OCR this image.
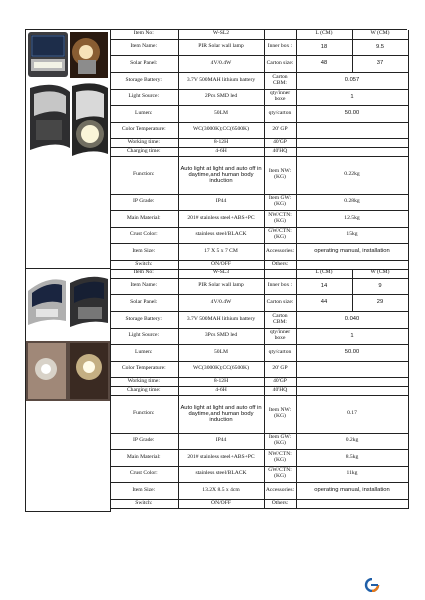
Item No:	W-SL2		L (CM)	W (CM)
Item Name:	PIR Solar wall lamp	Inner box :	18	9.5
Solar Panel:	4V/0.4W	Carton size:	48	37
Storage Battery:	3.7V 500MAH lithium battery	Carton CBM:	0.057	
Light Source:	2Pcs SMD led	qty/inner boxe	1	
Lumen:	50LM	qty/carton	50.00	
Color Temperature:	WC(3000K);CC(6500K)	20' GP		
Working time:	8-12H	40'GP		
Charging time:	4-6H	40'HQ		
Function:	Auto light at light and auto off in daytime,and human body induction	Item NW:(KG)	0.22kg	
IP Grade:	IP44	Item GW:(KG)	0.28kg	
Main Material:	201# stainless steel+ABS+PC	NW/CTN:(KG)	12.5kg	
Crust Color:	stainless steel/BLACK	GW/CTN:(KG)	15kg	
Item Size:	17 X 5 x 7 CM	Accessories:	operating manual, installation	
Switch:	ON/OFF	Others:		
Item No:	W-SL3		L (CM)	W (CM)
Item Name:	PIR Solar wall lamp	Inner box :	14	9
Solar Panel:	4V/0.4W	Carton size:	44	29
Storage Battery:	3.7V 500MAH lithium battery	Carton CBM:	0.040	
Light Source:	3Pcs SMD led	qty/inner boxe	1	
Lumen:	50LM	qty/carton	50.00	
Color Temperature:	WC(3000K);CC(6500K)	20' GP		
Working time:	8-12H	40'GP		
Charging time:	4-6H	40'HQ		
Function:	Auto light at light and auto off in daytime,and human body induction	Item NW:(KG)	0.17	
IP Grade:	IP44	Item GW:(KG)	0.2kg	
Main Material:	201# stainless steel+ABS+PC	NW/CTN:(KG)	8.5kg	
Crust Color:	stainless steel/BLACK	GW/CTN:(KG)	11kg	
Item Size:	13.2X 8.5 x 4cm	Accessories:	operating manual, installation	
Switch:	ON/OFF	Others:		
